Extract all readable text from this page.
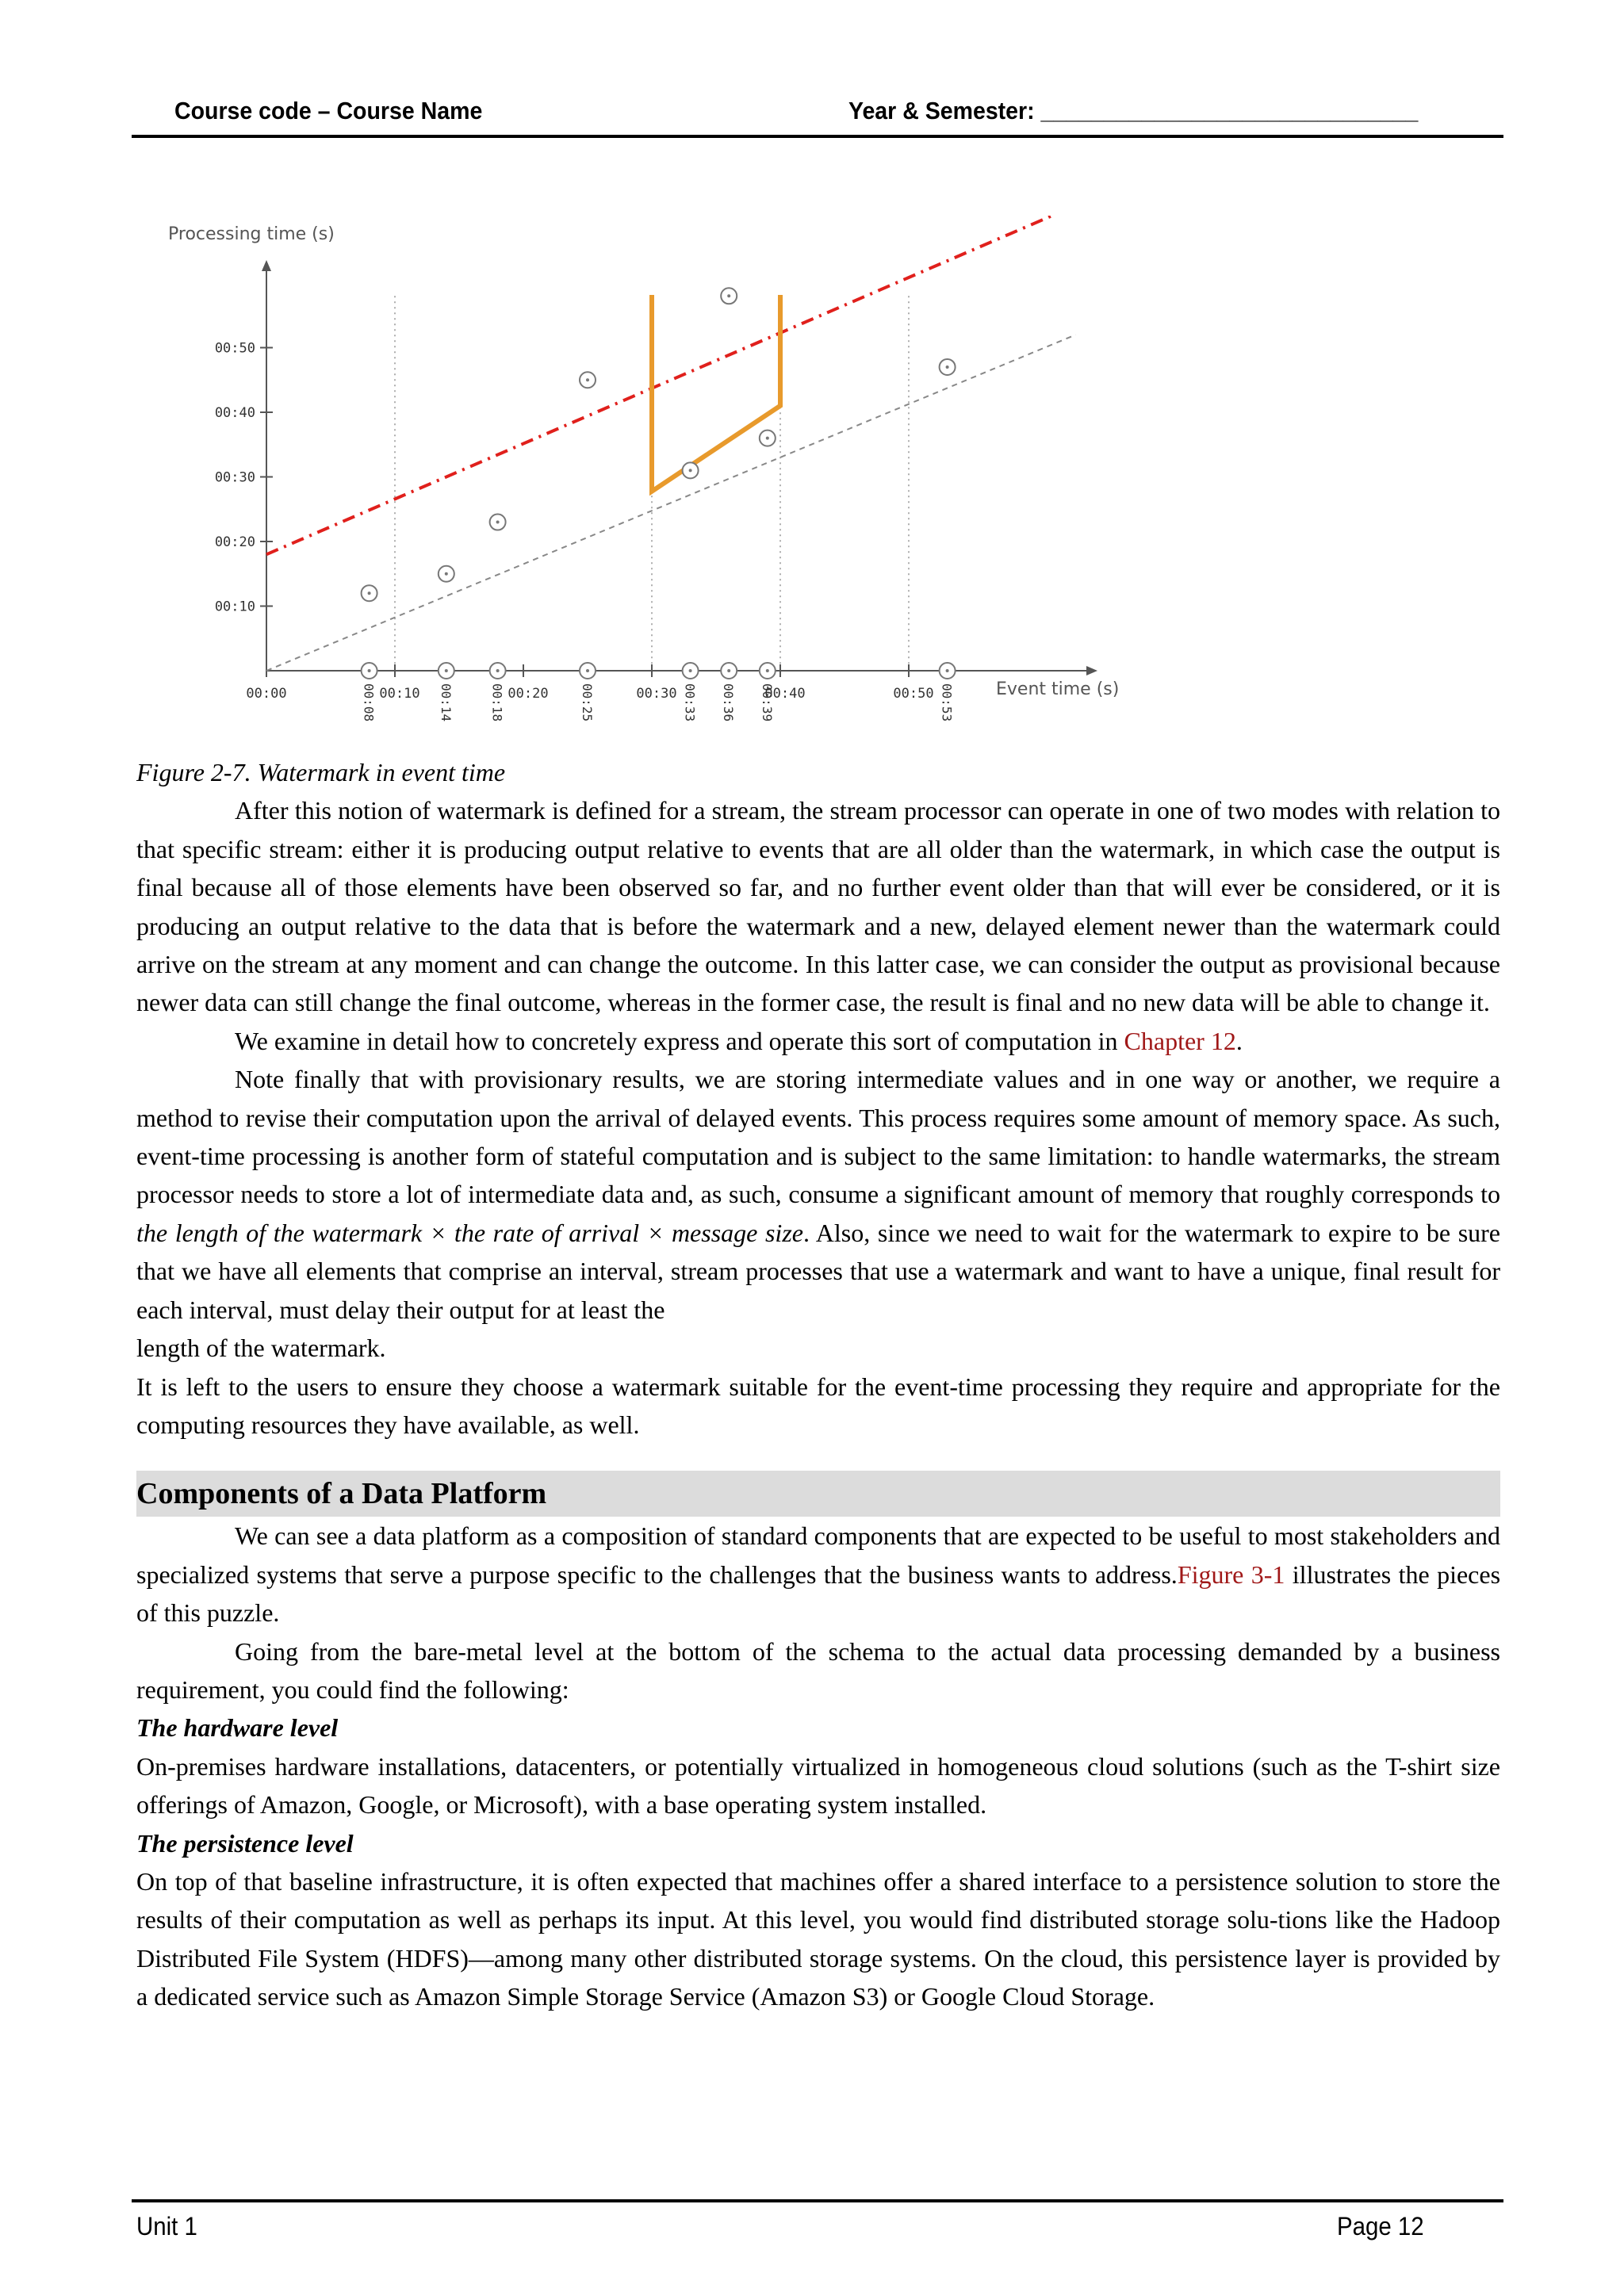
Course code – Course Name	Year & Semester: ______________________________
Processing time (s)
Event time (s)
00:10
00:20
00:30
00:40
00:50
00:00	00:10	00:20	00:30	00:40	00:50
00:08	00:14	00:18	00:25	00:33 00:36 00:39	00:53

Figure 2-7. Watermark in event time

After this notion of watermark is defined for a stream, the stream processor can operate in one of two modes with relation to that specific stream: either it is producing output relative to events that are all older than the watermark, in which case the output is final because all of those elements have been observed so far, and no further event older than that will ever be considered, or it is producing an output relative to the data that is before the watermark and a new, delayed element newer than the watermark could arrive on the stream at any moment and can change the outcome. In this latter case, we can consider the output as provisional because newer data can still change the final outcome, whereas in the former case, the result is final and no new data will be able to change it.

We examine in detail how to concretely express and operate this sort of computation in Chapter 12.

Note finally that with provisionary results, we are storing intermediate values and in one way or another, we require a method to revise their computation upon the arrival of delayed events. This process requires some amount of memory space. As such, event-time processing is another form of stateful computation and is subject to the same limitation: to handle watermarks, the stream processor needs to store a lot of intermediate data and, as such, consume a significant amount of memory that roughly corresponds to the length of the watermark × the rate of arrival × message size. Also, since we need to wait for the watermark to expire to be sure that we have all elements that comprise an interval, stream processes that use a watermark and want to have a unique, final result for each interval, must delay their output for at least the

length of the watermark.

It is left to the users to ensure they choose a watermark suitable for the event-time processing they require and appropriate for the computing resources they have available, as well.

Components of a Data Platform

We can see a data platform as a composition of standard components that are expected to be useful to most stakeholders and specialized systems that serve a purpose specific to the challenges that the business wants to address.Figure 3-1 illustrates the pieces of this puzzle.

Going from the bare-metal level at the bottom of the schema to the actual data processing demanded by a business requirement, you could find the following:

The hardware level

On-premises hardware installations, datacenters, or potentially virtualized in homogeneous cloud solutions (such as the T-shirt size offerings of Amazon, Google, or Microsoft), with a base operating system installed.

The persistence level

On top of that baseline infrastructure, it is often expected that machines offer a shared interface to a persistence solution to store the results of their computation as well as perhaps its input. At this level, you would find distributed storage solu-tions like the Hadoop Distributed File System (HDFS)—among many other distributed storage systems. On the cloud, this persistence layer is provided by a dedicated service such as Amazon Simple Storage Service (Amazon S3) or Google Cloud Storage.

Unit 1	Page 12
